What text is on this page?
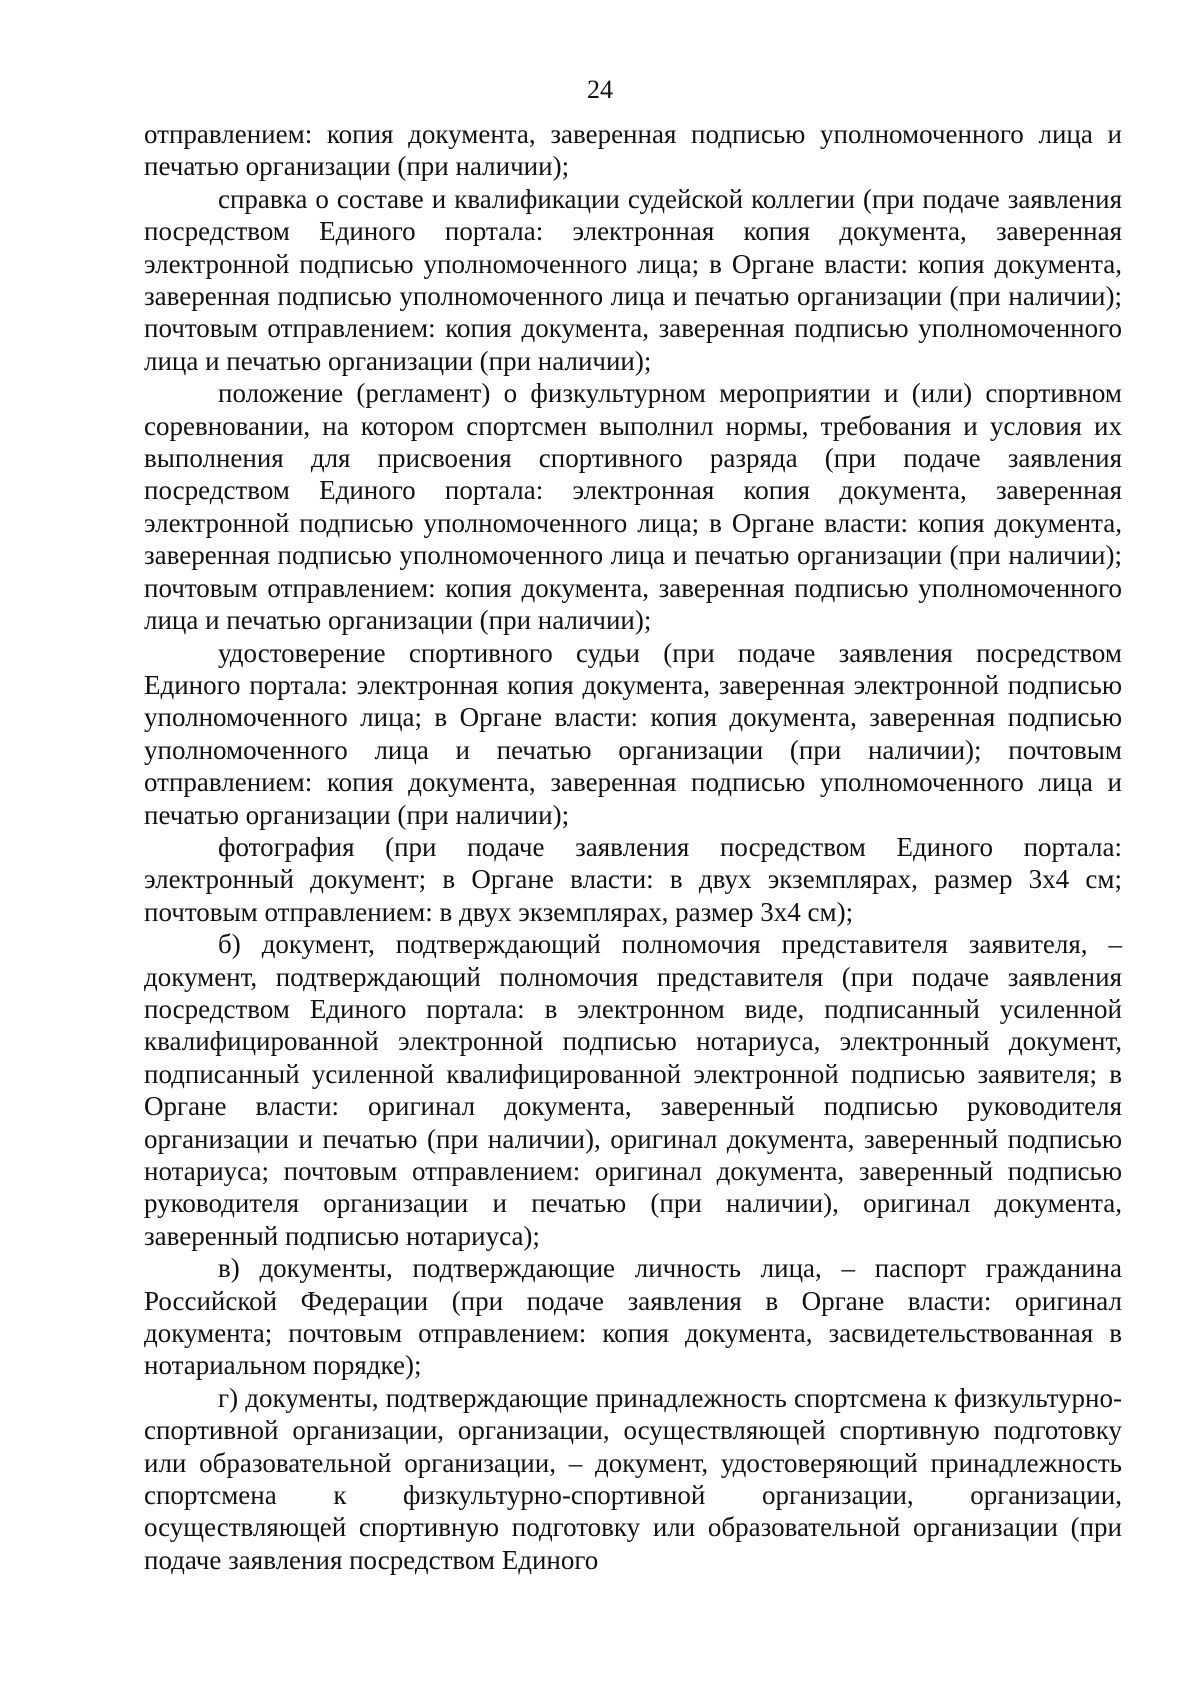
24

отправлением: копия документа, заверенная подписью уполномоченного лица и печатью организации (при наличии);

справка о составе и квалификации судейской коллегии (при подаче заявления посредством Единого портала: электронная копия документа, заверенная электронной подписью уполномоченного лица; в Органе власти: копия документа, заверенная подписью уполномоченного лица и печатью организации (при наличии); почтовым отправлением: копия документа, заверенная подписью уполномоченного лица и печатью организации (при наличии);

положение (регламент) о физкультурном мероприятии и (или) спортивном соревновании, на котором спортсмен выполнил нормы, требования и условия их выполнения для присвоения спортивного разряда (при подаче заявления посредством Единого портала: электронная копия документа, заверенная электронной подписью уполномоченного лица; в Органе власти: копия документа, заверенная подписью уполномоченного лица и печатью организации (при наличии); почтовым отправлением: копия документа, заверенная подписью уполномоченного лица и печатью организации (при наличии);

удостоверение спортивного судьи (при подаче заявления посредством Единого портала: электронная копия документа, заверенная электронной подписью уполномоченного лица; в Органе власти: копия документа, заверенная подписью уполномоченного лица и печатью организации (при наличии); почтовым отправлением: копия документа, заверенная подписью уполномоченного лица и печатью организации (при наличии);

фотография (при подаче заявления посредством Единого портала: электронный документ; в Органе власти: в двух экземплярах, размер 3х4 см; почтовым отправлением: в двух экземплярах, размер 3х4 см);

б) документ, подтверждающий полномочия представителя заявителя, – документ, подтверждающий полномочия представителя (при подаче заявления посредством Единого портала: в электронном виде, подписанный усиленной квалифицированной электронной подписью нотариуса, электронный документ, подписанный усиленной квалифицированной электронной подписью заявителя; в Органе власти: оригинал документа, заверенный подписью руководителя организации и печатью (при наличии), оригинал документа, заверенный подписью нотариуса; почтовым отправлением: оригинал документа, заверенный подписью руководителя организации и печатью (при наличии), оригинал документа, заверенный подписью нотариуса);

в) документы, подтверждающие личность лица, – паспорт гражданина Российской Федерации (при подаче заявления в Органе власти: оригинал документа; почтовым отправлением: копия документа, засвидетельствованная в нотариальном порядке);

г) документы, подтверждающие принадлежность спортсмена к физкультурно-спортивной организации, организации, осуществляющей спортивную подготовку или образовательной организации, – документ, удостоверяющий принадлежность спортсмена к физкультурно-спортивной организации, организации, осуществляющей спортивную подготовку или образовательной организации (при подаче заявления посредством Единого
